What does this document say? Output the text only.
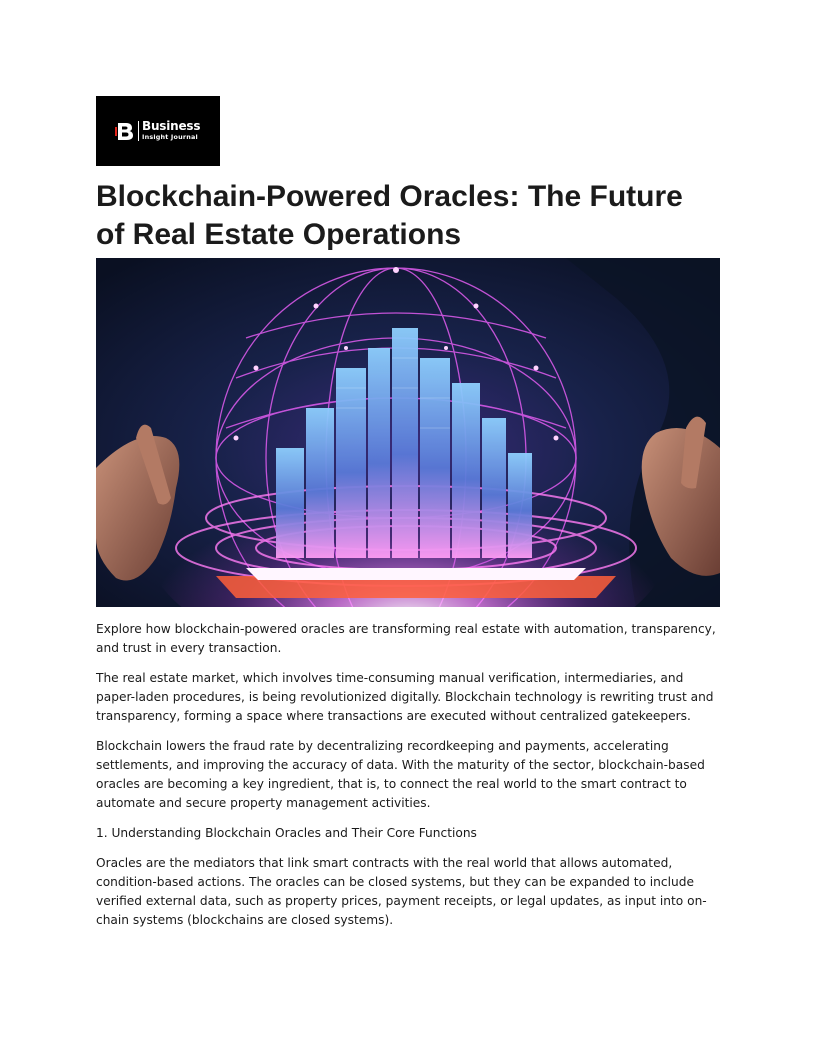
Business
Insight Journal
Blockchain-Powered Oracles: The Future of Real Estate Operations

Explore how blockchain-powered oracles are transforming real estate with automation, transparency, and trust in every transaction.

The real estate market, which involves time-consuming manual verification, intermediaries, and paper-laden procedures, is being revolutionized digitally. Blockchain technology is rewriting trust and transparency, forming a space where transactions are executed without centralized gatekeepers.

Blockchain lowers the fraud rate by decentralizing recordkeeping and payments, accelerating settlements, and improving the accuracy of data. With the maturity of the sector, blockchain-based oracles are becoming a key ingredient, that is, to connect the real world to the smart contract to automate and secure property management activities.

1. Understanding Blockchain Oracles and Their Core Functions

Oracles are the mediators that link smart contracts with the real world that allows automated, condition-based actions. The oracles can be closed systems, but they can be expanded to include verified external data, such as property prices, payment receipts, or legal updates, as input into on-chain systems (blockchains are closed systems).
